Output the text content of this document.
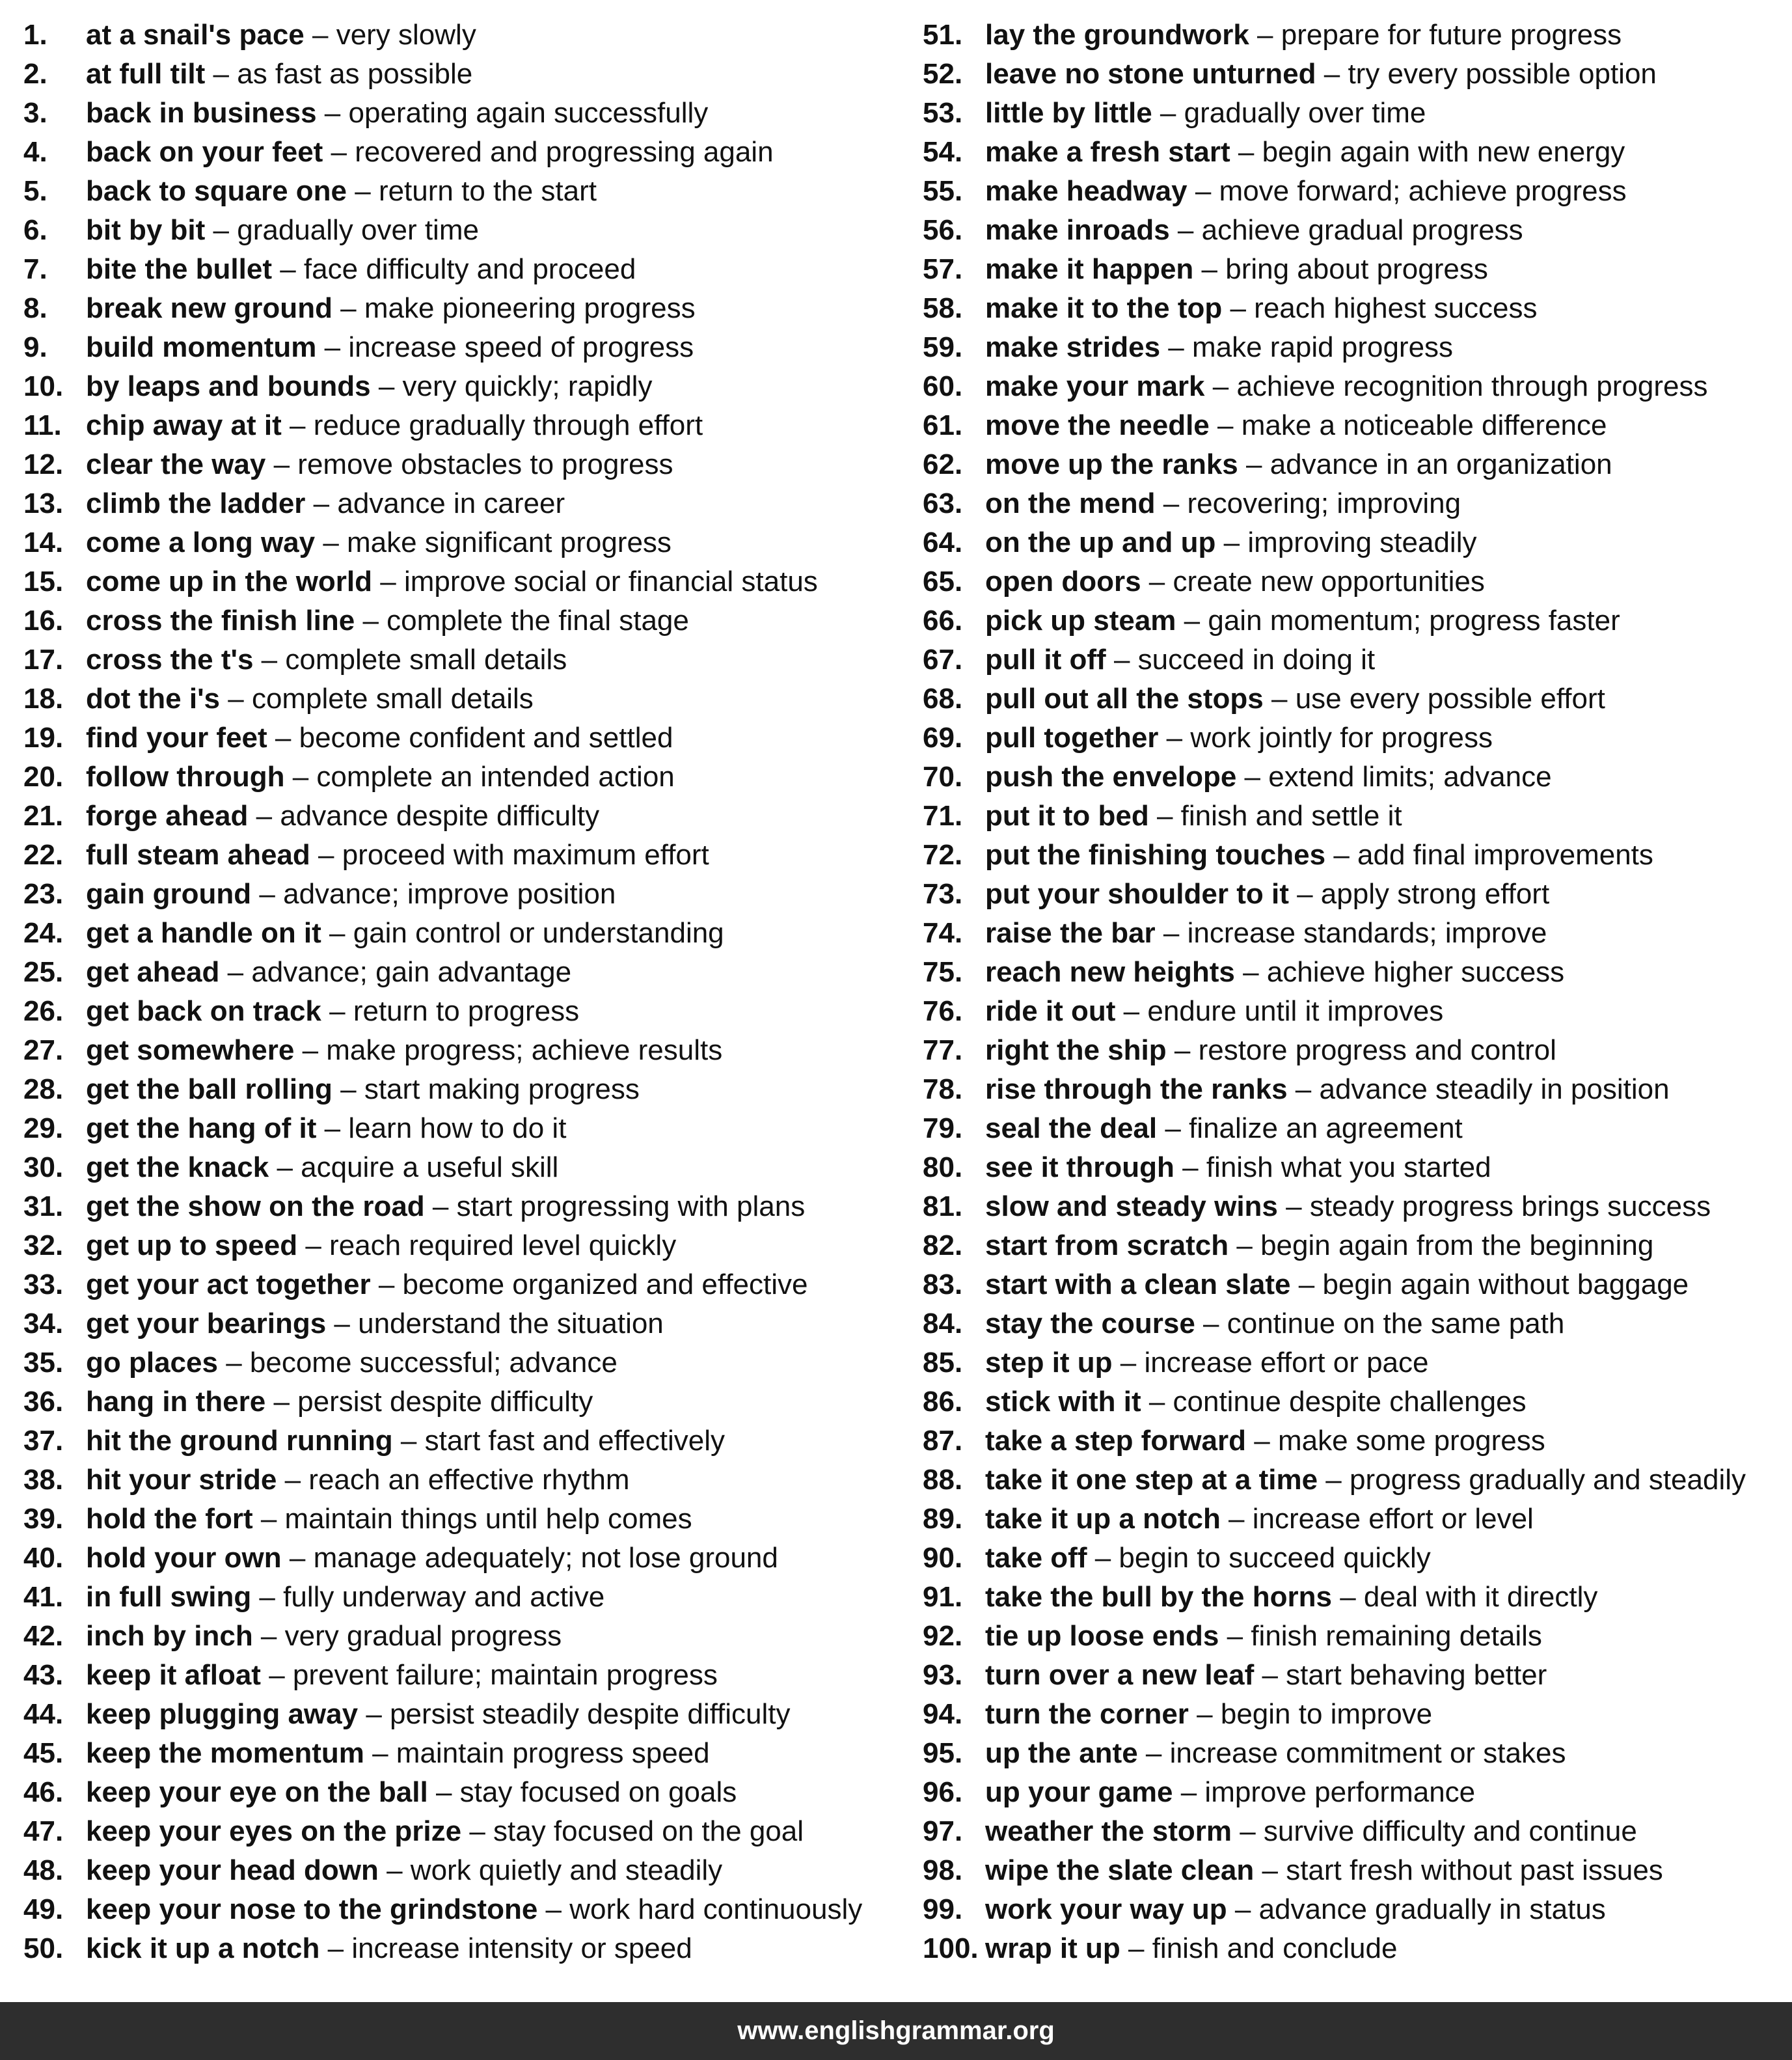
1. at a snail's pace – very slowly
2. at full tilt – as fast as possible
3. back in business – operating again successfully
4. back on your feet – recovered and progressing again
5. back to square one – return to the start
6. bit by bit – gradually over time
7. bite the bullet – face difficulty and proceed
8. break new ground – make pioneering progress
9. build momentum – increase speed of progress
10. by leaps and bounds – very quickly; rapidly
11. chip away at it – reduce gradually through effort
12. clear the way – remove obstacles to progress
13. climb the ladder – advance in career
14. come a long way – make significant progress
15. come up in the world – improve social or financial status
16. cross the finish line – complete the final stage
17. cross the t's – complete small details
18. dot the i's – complete small details
19. find your feet – become confident and settled
20. follow through – complete an intended action
21. forge ahead – advance despite difficulty
22. full steam ahead – proceed with maximum effort
23. gain ground – advance; improve position
24. get a handle on it – gain control or understanding
25. get ahead – advance; gain advantage
26. get back on track – return to progress
27. get somewhere – make progress; achieve results
28. get the ball rolling – start making progress
29. get the hang of it – learn how to do it
30. get the knack – acquire a useful skill
31. get the show on the road – start progressing with plans
32. get up to speed – reach required level quickly
33. get your act together – become organized and effective
34. get your bearings – understand the situation
35. go places – become successful; advance
36. hang in there – persist despite difficulty
37. hit the ground running – start fast and effectively
38. hit your stride – reach an effective rhythm
39. hold the fort – maintain things until help comes
40. hold your own – manage adequately; not lose ground
41. in full swing – fully underway and active
42. inch by inch – very gradual progress
43. keep it afloat – prevent failure; maintain progress
44. keep plugging away – persist steadily despite difficulty
45. keep the momentum – maintain progress speed
46. keep your eye on the ball – stay focused on goals
47. keep your eyes on the prize – stay focused on the goal
48. keep your head down – work quietly and steadily
49. keep your nose to the grindstone – work hard continuously
50. kick it up a notch – increase intensity or speed
51. lay the groundwork – prepare for future progress
52. leave no stone unturned – try every possible option
53. little by little – gradually over time
54. make a fresh start – begin again with new energy
55. make headway – move forward; achieve progress
56. make inroads – achieve gradual progress
57. make it happen – bring about progress
58. make it to the top – reach highest success
59. make strides – make rapid progress
60. make your mark – achieve recognition through progress
61. move the needle – make a noticeable difference
62. move up the ranks – advance in an organization
63. on the mend – recovering; improving
64. on the up and up – improving steadily
65. open doors – create new opportunities
66. pick up steam – gain momentum; progress faster
67. pull it off – succeed in doing it
68. pull out all the stops – use every possible effort
69. pull together – work jointly for progress
70. push the envelope – extend limits; advance
71. put it to bed – finish and settle it
72. put the finishing touches – add final improvements
73. put your shoulder to it – apply strong effort
74. raise the bar – increase standards; improve
75. reach new heights – achieve higher success
76. ride it out – endure until it improves
77. right the ship – restore progress and control
78. rise through the ranks – advance steadily in position
79. seal the deal – finalize an agreement
80. see it through – finish what you started
81. slow and steady wins – steady progress brings success
82. start from scratch – begin again from the beginning
83. start with a clean slate – begin again without baggage
84. stay the course – continue on the same path
85. step it up – increase effort or pace
86. stick with it – continue despite challenges
87. take a step forward – make some progress
88. take it one step at a time – progress gradually and steadily
89. take it up a notch – increase effort or level
90. take off – begin to succeed quickly
91. take the bull by the horns – deal with it directly
92. tie up loose ends – finish remaining details
93. turn over a new leaf – start behaving better
94. turn the corner – begin to improve
95. up the ante – increase commitment or stakes
96. up your game – improve performance
97. weather the storm – survive difficulty and continue
98. wipe the slate clean – start fresh without past issues
99. work your way up – advance gradually in status
100. wrap it up – finish and conclude
www.englishgrammar.org
